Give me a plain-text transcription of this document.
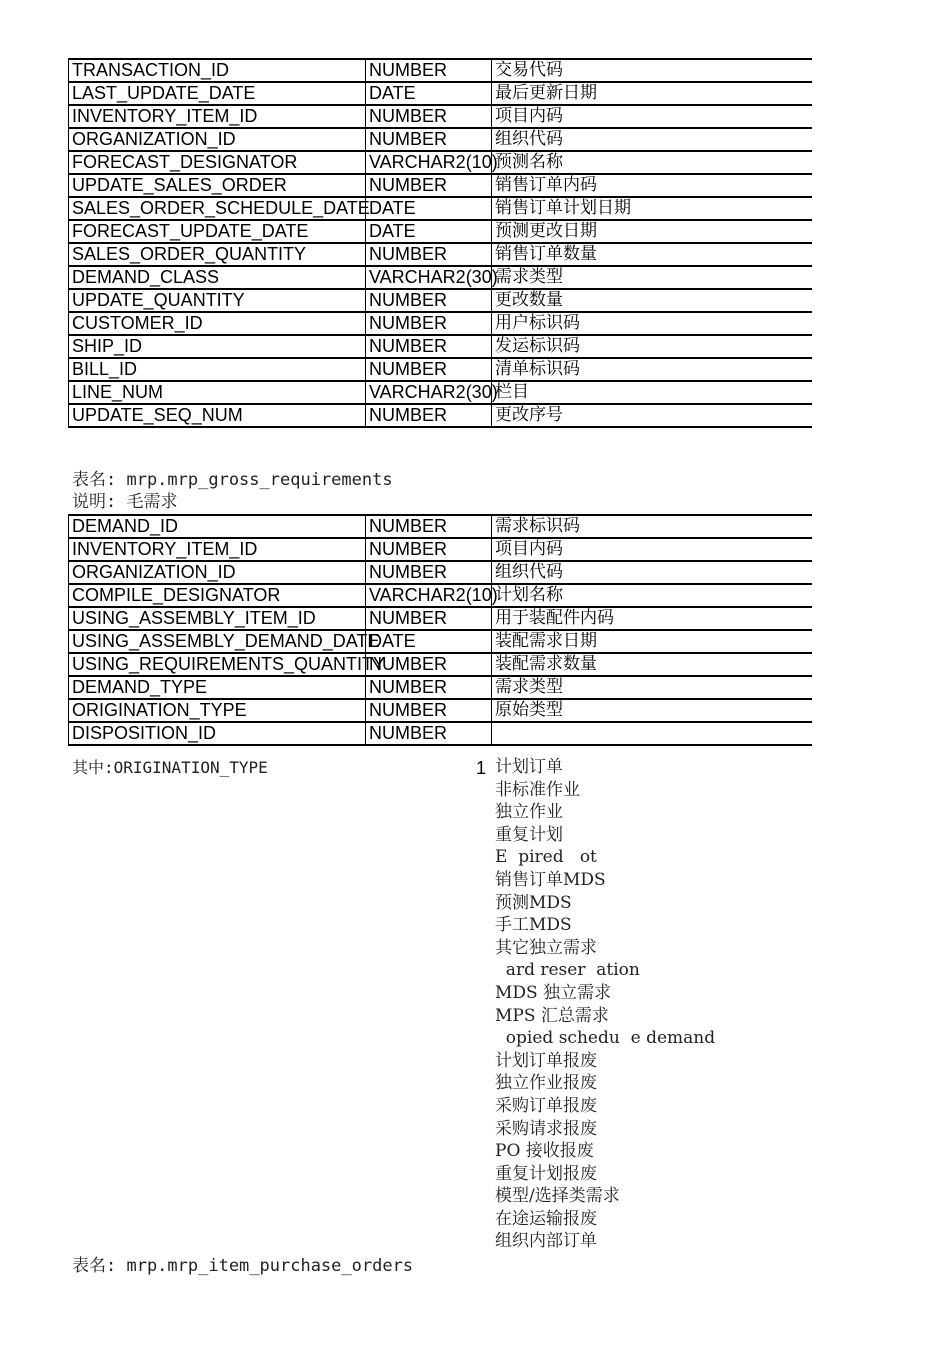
TRANSACTION_ID	NUMBER	交易代码
LAST_UPDATE_DATE	DATE	最后更新日期
INVENTORY_ITEM_ID	NUMBER	项目内码
ORGANIZATION_ID	NUMBER	组织代码
FORECAST_DESIGNATOR	VARCHAR2(10)	预测名称
UPDATE_SALES_ORDER	NUMBER	销售订单内码
SALES_ORDER_SCHEDULE_DATE	DATE	销售订单计划日期
FORECAST_UPDATE_DATE	DATE	预测更改日期
SALES_ORDER_QUANTITY	NUMBER	销售订单数量
DEMAND_CLASS	VARCHAR2(30)	需求类型
UPDATE_QUANTITY	NUMBER	更改数量
CUSTOMER_ID	NUMBER	用户标识码
SHIP_ID	NUMBER	发运标识码
BILL_ID	NUMBER	清单标识码
LINE_NUM	VARCHAR2(30)	栏目
UPDATE_SEQ_NUM	NUMBER	更改序号
表名: mrp.mrp_gross_requirements
说明: 毛需求
DEMAND_ID	NUMBER	需求标识码
INVENTORY_ITEM_ID	NUMBER	项目内码
ORGANIZATION_ID	NUMBER	组织代码
COMPILE_DESIGNATOR	VARCHAR2(10)	计划名称
USING_ASSEMBLY_ITEM_ID	NUMBER	用于装配件内码
USING_ASSEMBLY_DEMAND_DATE	DATE	装配需求日期
USING_REQUIREMENTS_QUANTITY	NUMBER	装配需求数量
DEMAND_TYPE	NUMBER	需求类型
ORIGINATION_TYPE	NUMBER	原始类型
DISPOSITION_ID	NUMBER	
其中:ORIGINATION_TYPE	1 计划订单
非标准作业
独立作业
重复计划
E  pired   ot
销售订单MDS
预测MDS
手工MDS
其它独立需求
ard reser  ation
MDS 独立需求
MPS 汇总需求
opied schedu  e demand
计划订单报废
独立作业报废
采购订单报废
采购请求报废
PO 接收报废
重复计划报废
模型/选择类需求
在途运输报废
组织内部订单
表名: mrp.mrp_item_purchase_orders
